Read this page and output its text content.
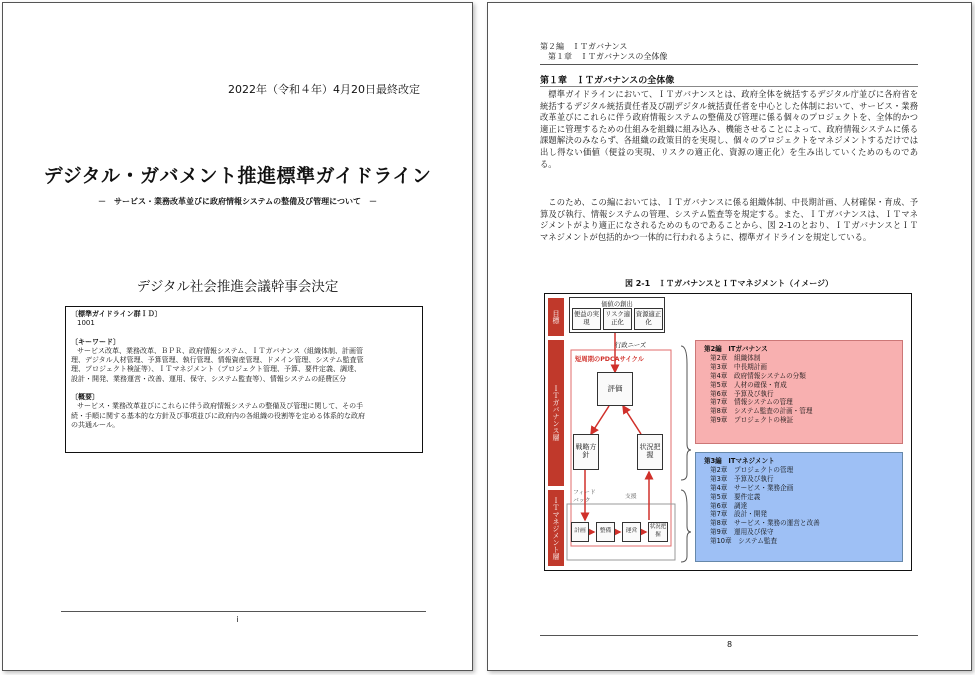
2022年（令和４年）4月20日最終改定
デジタル・ガバメント推進標準ガイドライン
－　サービス・業務改革並びに政府情報システムの整備及び管理について　－
デジタル社会推進会議幹事会決定
〔標準ガイドライン群ＩＤ〕
1001
〔キーワード〕
サービス改革、業務改革、ＢＰＲ、政府情報システム、ＩＴガバナンス（組織体制、計画管
理、デジタル人材管理、予算管理、執行管理、情報資産管理、ドメイン管理、システム監査管
理、プロジェクト検証等）、ＩＴマネジメント（プロジェクト管理、予算、要件定義、調達、
設計・開発、業務運営・改善、運用、保守、システム監査等）、情報システムの経費区分
〔概要〕
サービス・業務改革並びにこれらに伴う政府情報システムの整備及び管理に関して、その手
続・手順に関する基本的な方針及び事項並びに政府内の各組織の役割等を定める体系的な政府
の共通ルール。
i
第２編　ＩＴガバナンス
第１章　ＩＴガバナンスの全体像
第１章　ＩＴガバナンスの全体像
標準ガイドラインにおいて、ＩＴガバナンスとは、政府全体を統括するデジタル庁並びに各府省を統括するデジタル統括責任者及び副デジタル統括責任者を中心とした体制において、サービス・業務改革並びにこれらに伴う政府情報システムの整備及び管理に係る個々のプロジェクトを、全体的かつ適正に管理するための仕組みを組織に組み込み、機能させることによって、政府情報システムに係る課題解決のみならず、各組織の政策目的を実現し、個々のプロジェクトをマネジメントするだけでは出し得ない価値（便益の実現、リスクの適正化、資源の適正化）を生み出していくためのものである。
このため、この編においては、ＩＴガバナンスに係る組織体制、中長期計画、人材確保・育成、予算及び執行、情報システムの管理、システム監査等を規定する。また、ＩＴガバナンスは、ＩＴマネジメントがより適正になされるためのものであることから、図 2-1のとおり、ＩＴガバナンスとＩＴマネジメントが包括的かつ一体的に行われるように、標準ガイドラインを規定している。
図 2-1　ＩＴガバナンスとＩＴマネジメント（イメージ）
目標
ＩＴガバナンス層
ＩＴマネジメント層
価値の創出
便益の実現
リスク適正化
資源適正化
行政ニーズ
短周期のPDCAサイクル
評価
戦略方針
状況把握
フィード
バック
支援
計画	整備	運営
状況把握
第2編　ITガバナンス
第2章　組織体制
第3章　中長期計画
第4章　政府情報システムの分類
第5章　人材の確保・育成
第6章　予算及び執行
第7章　情報システムの管理
第8章　システム監査の計画・管理
第9章　プロジェクトの検証
第3編　ITマネジメント
第2章　プロジェクトの管理
第3章　予算及び執行
第4章　サービス・業務企画
第5章　要件定義
第6章　調達
第7章　設計・開発
第8章　サービス・業務の運営と改善
第9章　運用及び保守
第10章　システム監査
8
